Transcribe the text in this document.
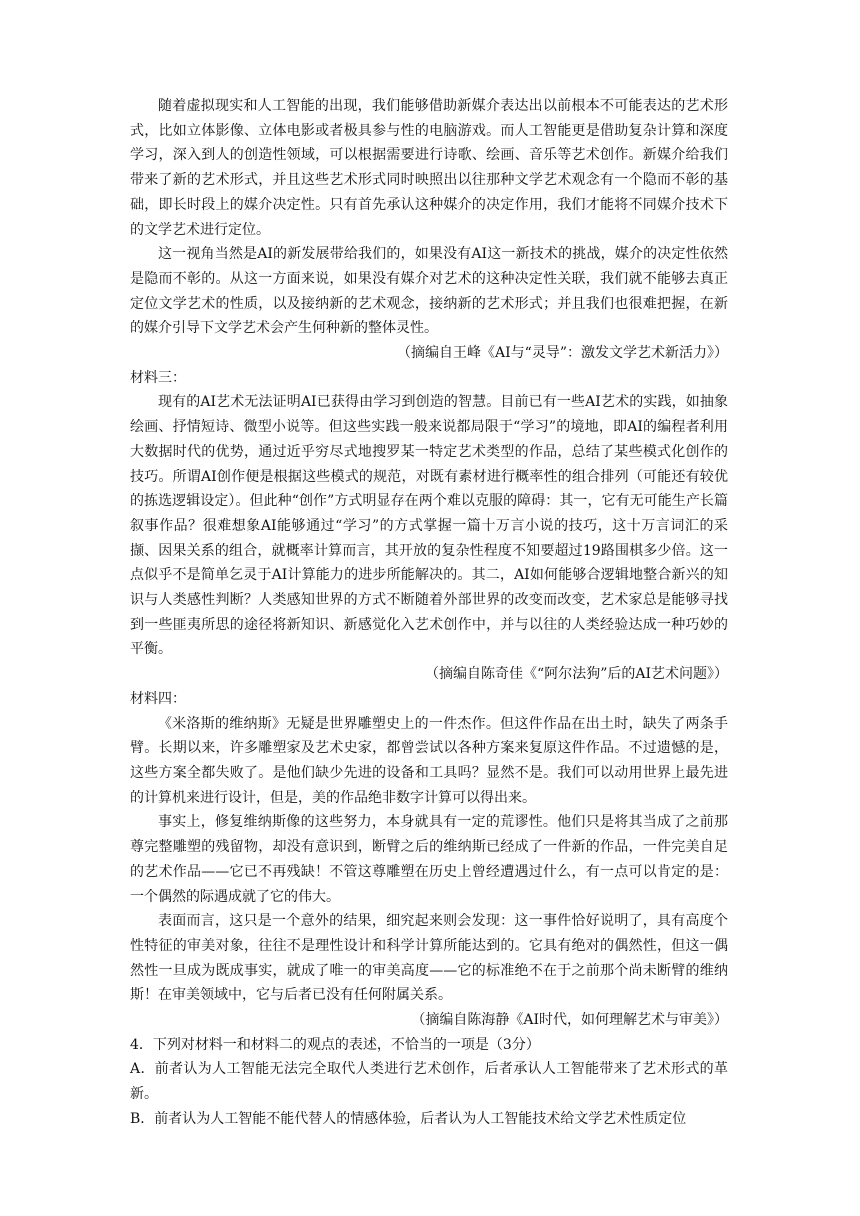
随着虚拟现实和人工智能的出现，我们能够借助新媒介表达出以前根本不可能表达的艺术形式，比如立体影像、立体电影或者极具参与性的电脑游戏。而人工智能更是借助复杂计算和深度学习，深入到人的创造性领域，可以根据需要进行诗歌、绘画、音乐等艺术创作。新媒介给我们带来了新的艺术形式，并且这些艺术形式同时映照出以往那种文学艺术观念有一个隐而不彰的基础，即长时段上的媒介决定性。只有首先承认这种媒介的决定作用，我们才能将不同媒介技术下的文学艺术进行定位。

这一视角当然是AI的新发展带给我们的，如果没有AI这一新技术的挑战，媒介的决定性依然是隐而不彰的。从这一方面来说，如果没有媒介对艺术的这种决定性关联，我们就不能够去真正定位文学艺术的性质，以及接纳新的艺术观念，接纳新的艺术形式；并且我们也很难把握，在新的媒介引导下文学艺术会产生何种新的整体灵性。

（摘编自王峰《AI与“灵导”：激发文学艺术新活力》）

材料三：

现有的AI艺术无法证明AI已获得由学习到创造的智慧。目前已有一些AI艺术的实践，如抽象绘画、抒情短诗、微型小说等。但这些实践一般来说都局限于“学习”的境地，即AI的编程者利用大数据时代的优势，通过近乎穷尽式地搜罗某一特定艺术类型的作品，总结了某些模式化创作的技巧。所谓AI创作便是根据这些模式的规范，对既有素材进行概率性的组合排列（可能还有较优的拣选逻辑设定）。但此种“创作”方式明显存在两个难以克服的障碍：其一，它有无可能生产长篇叙事作品？很难想象AI能够通过“学习”的方式掌握一篇十万言小说的技巧，这十万言词汇的采撷、因果关系的组合，就概率计算而言，其开放的复杂性程度不知要超过19路围棋多少倍。这一点似乎不是简单乞灵于AI计算能力的进步所能解决的。其二，AI如何能够合逻辑地整合新兴的知识与人类感性判断？人类感知世界的方式不断随着外部世界的改变而改变，艺术家总是能够寻找到一些匪夷所思的途径将新知识、新感觉化入艺术创作中，并与以往的人类经验达成一种巧妙的平衡。

（摘编自陈奇佳《“阿尔法狗”后的AI艺术问题》）

材料四：

《米洛斯的维纳斯》无疑是世界雕塑史上的一件杰作。但这件作品在出土时，缺失了两条手臂。长期以来，许多雕塑家及艺术史家，都曾尝试以各种方案来复原这件作品。不过遗憾的是，这些方案全都失败了。是他们缺少先进的设备和工具吗？显然不是。我们可以动用世界上最先进的计算机来进行设计，但是，美的作品绝非数字计算可以得出来。

事实上，修复维纳斯像的这些努力，本身就具有一定的荒谬性。他们只是将其当成了之前那尊完整雕塑的残留物，却没有意识到，断臂之后的维纳斯已经成了一件新的作品，一件完美自足的艺术作品——它已不再残缺！不管这尊雕塑在历史上曾经遭遇过什么，有一点可以肯定的是：一个偶然的际遇成就了它的伟大。

表面而言，这只是一个意外的结果，细究起来则会发现：这一事件恰好说明了，具有高度个性特征的审美对象，往往不是理性设计和科学计算所能达到的。它具有绝对的偶然性，但这一偶然性一旦成为既成事实，就成了唯一的审美高度——它的标准绝不在于之前那个尚未断臂的维纳斯！在审美领域中，它与后者已没有任何附属关系。

（摘编自陈海静《AI时代，如何理解艺术与审美》）

4．下列对材料一和材料二的观点的表述，不恰当的一项是（3分）

A．前者认为人工智能无法完全取代人类进行艺术创作，后者承认人工智能带来了艺术形式的革新。

B．前者认为人工智能不能代替人的情感体验，后者认为人工智能技术给文学艺术性质定位
